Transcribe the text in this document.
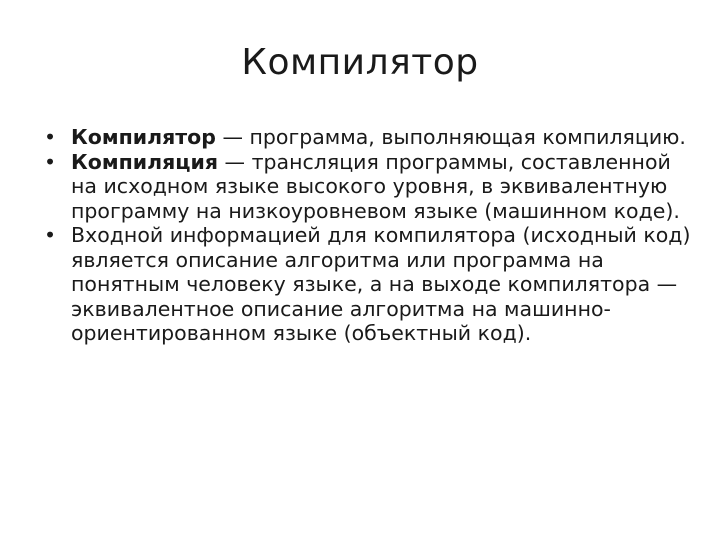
Компилятор
• Компилятор — программа, выполняющая компиляцию.
• Компиляция — трансляция программы, составленной на исходном языке высокого уровня, в эквивалентную программу на низкоуровневом языке (машинном коде).
• Входной информацией для компилятора (исходный код) является описание алгоритма или программа на понятным человеку языке, а на выходе компилятора — эквивалентное описание алгоритма на машинно-ориентированном языке (объектный код).
